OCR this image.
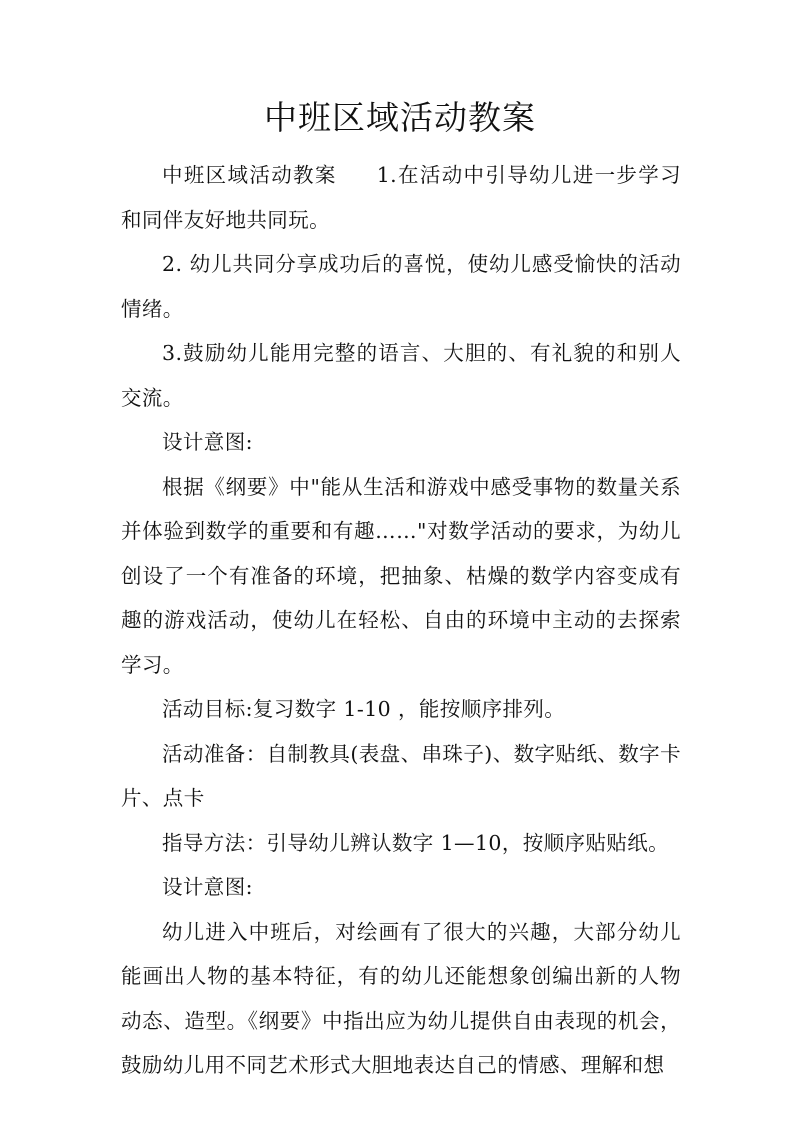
中班区域活动教案

中班区域活动教案 1.在活动中引导幼儿进一步学习和同伴友好地共同玩。

2. 幼儿共同分享成功后的喜悦，使幼儿感受愉快的活动情绪。

3.鼓励幼儿能用完整的语言、大胆的、有礼貌的和别人交流。

设计意图:

根据《纲要》中"能从生活和游戏中感受事物的数量关系并体验到数学的重要和有趣……"对数学活动的要求，为幼儿创设了一个有准备的环境，把抽象、枯燥的数学内容变成有趣的游戏活动，使幼儿在轻松、自由的环境中主动的去探索学习。

活动目标:复习数字 1-10 ，能按顺序排列。

活动准备：自制教具(表盘、串珠子)、数字贴纸、数字卡片、点卡

指导方法：引导幼儿辨认数字 1—10，按顺序贴贴纸。

设计意图:

幼儿进入中班后，对绘画有了很大的兴趣，大部分幼儿能画出人物的基本特征，有的幼儿还能想象创编出新的人物动态、造型。《纲要》中指出应为幼儿提供自由表现的机会，鼓励幼儿用不同艺术形式大胆地表达自己的情感、理解和想
